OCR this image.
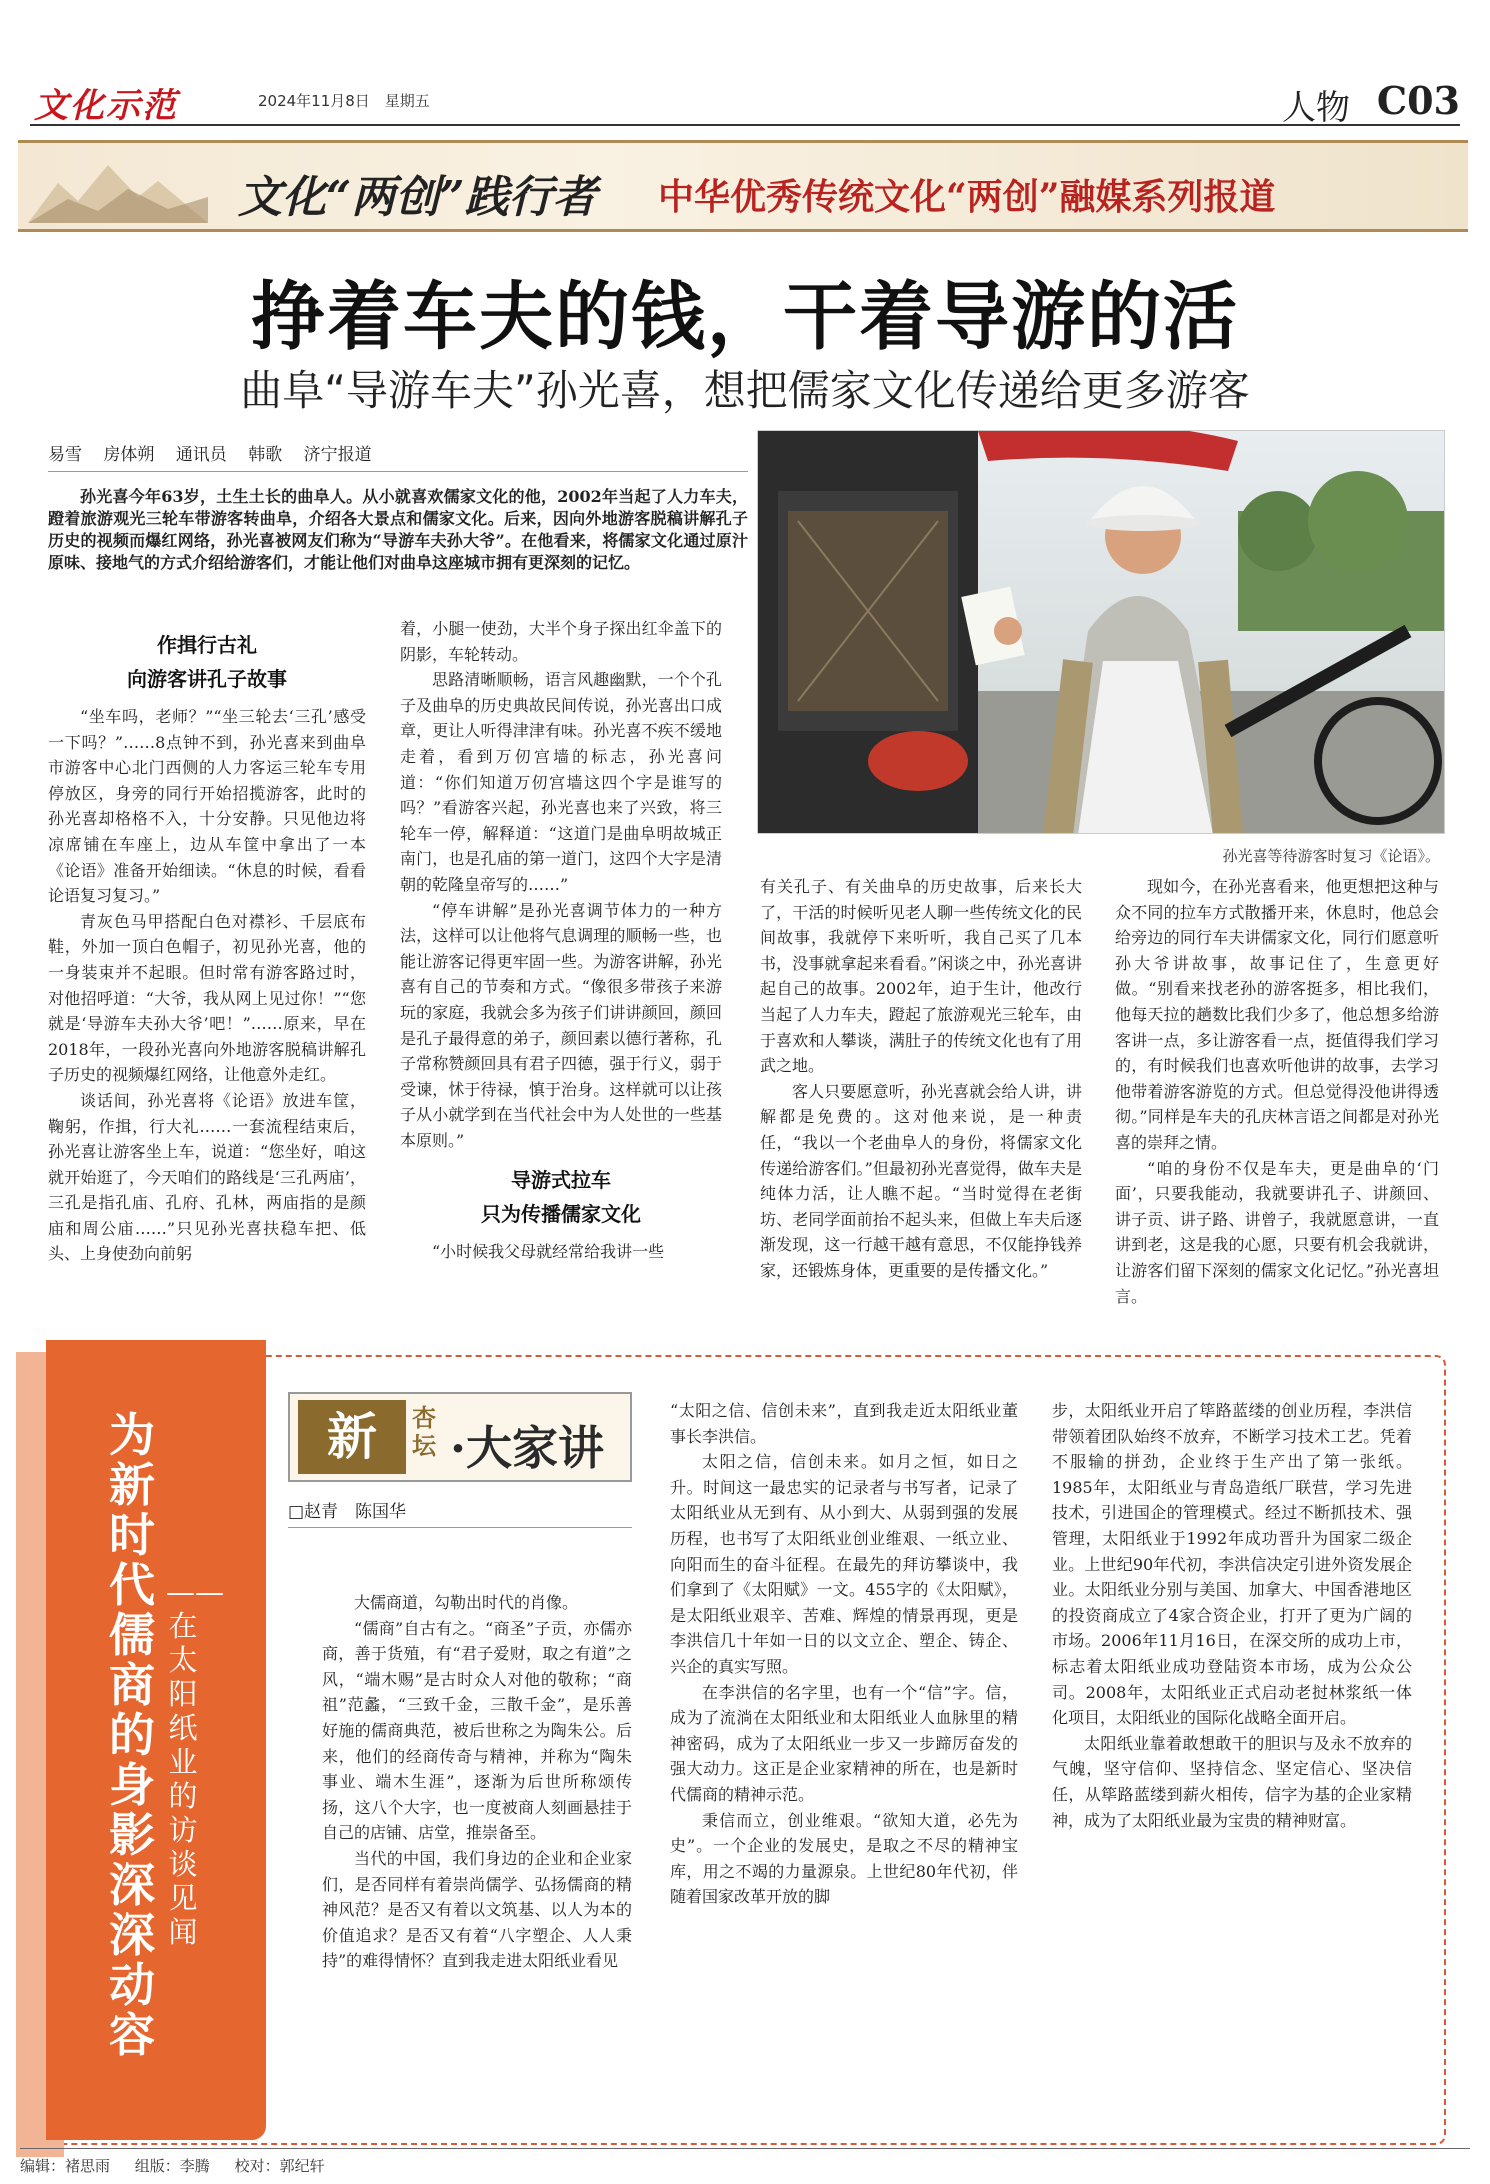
文化示范	2024年11月8日　星期五	人物 C03
文化“两创”践行者 中华优秀传统文化“两创”融媒系列报道
挣着车夫的钱，干着导游的活
曲阜“导游车夫”孙光喜，想把儒家文化传递给更多游客
易雪 房体朔 通讯员 韩歌 济宁报道
孙光喜今年63岁，土生土长的曲阜人。从小就喜欢儒家文化的他，2002年当起了人力车夫，蹬着旅游观光三轮车带游客转曲阜，介绍各大景点和儒家文化。后来，因向外地游客脱稿讲解孔子历史的视频而爆红网络，孙光喜被网友们称为“导游车夫孙大爷”。在他看来，将儒家文化通过原汁原味、接地气的方式介绍给游客们，才能让他们对曲阜这座城市拥有更深刻的记忆。
孙光喜等待游客时复习《论语》。
作揖行古礼
向游客讲孔子故事

“坐车吗，老师？”“坐三轮去‘三孔’感受一下吗？”……8点钟不到，孙光喜来到曲阜市游客中心北门西侧的人力客运三轮车专用停放区，身旁的同行开始招揽游客，此时的孙光喜却格格不入，十分安静。只见他边将凉席铺在车座上，边从车筐中拿出了一本《论语》准备开始细读。“休息的时候，看看论语复习复习。”

青灰色马甲搭配白色对襟衫、千层底布鞋，外加一顶白色帽子，初见孙光喜，他的一身装束并不起眼。但时常有游客路过时，对他招呼道：“大爷，我从网上见过你！”“您就是‘导游车夫孙大爷’吧！”……原来，早在2018年，一段孙光喜向外地游客脱稿讲解孔子历史的视频爆红网络，让他意外走红。

谈话间，孙光喜将《论语》放进车筐，鞠躬，作揖，行大礼……一套流程结束后，孙光喜让游客坐上车，说道：“您坐好，咱这就开始逛了，今天咱们的路线是‘三孔两庙’，三孔是指孔庙、孔府、孔林，两庙指的是颜庙和周公庙……”只见孙光喜扶稳车把、低头、上身使劲向前躬

着，小腿一使劲，大半个身子探出红伞盖下的阴影，车轮转动。

思路清晰顺畅，语言风趣幽默，一个个孔子及曲阜的历史典故民间传说，孙光喜出口成章，更让人听得津津有味。孙光喜不疾不缓地走着，看到万仞宫墙的标志，孙光喜问道：“你们知道万仞宫墙这四个字是谁写的吗？”看游客兴起，孙光喜也来了兴致，将三轮车一停，解释道：“这道门是曲阜明故城正南门，也是孔庙的第一道门，这四个大字是清朝的乾隆皇帝写的……”

“停车讲解”是孙光喜调节体力的一种方法，这样可以让他将气息调理的顺畅一些，也能让游客记得更牢固一些。为游客讲解，孙光喜有自己的节奏和方式。“像很多带孩子来游玩的家庭，我就会多为孩子们讲讲颜回，颜回是孔子最得意的弟子，颜回素以德行著称，孔子常称赞颜回具有君子四德，强于行义，弱于受谏，怵于待禄，慎于治身。这样就可以让孩子从小就学到在当代社会中为人处世的一些基本原则。”

导游式拉车
只为传播儒家文化

“小时候我父母就经常给我讲一些

有关孔子、有关曲阜的历史故事，后来长大了，干活的时候听见老人聊一些传统文化的民间故事，我就停下来听听，我自己买了几本书，没事就拿起来看看。”闲谈之中，孙光喜讲起自己的故事。2002年，迫于生计，他改行当起了人力车夫，蹬起了旅游观光三轮车，由于喜欢和人攀谈，满肚子的传统文化也有了用武之地。

客人只要愿意听，孙光喜就会给人讲，讲解都是免费的。这对他来说，是一种责任，“我以一个老曲阜人的身份，将儒家文化传递给游客们。”但最初孙光喜觉得，做车夫是纯体力活，让人瞧不起。“当时觉得在老街坊、老同学面前抬不起头来，但做上车夫后逐渐发现，这一行越干越有意思，不仅能挣钱养家，还锻炼身体，更重要的是传播文化。”

现如今，在孙光喜看来，他更想把这种与众不同的拉车方式散播开来，休息时，他总会给旁边的同行车夫讲儒家文化，同行们愿意听孙大爷讲故事，故事记住了，生意更好做。“别看来找老孙的游客挺多，相比我们，他每天拉的趟数比我们少多了，他总想多给游客讲一点，多让游客看一点，挺值得我们学习的，有时候我们也喜欢听他讲的故事，去学习他带着游客游览的方式。但总觉得没他讲得透彻。”同样是车夫的孔庆林言语之间都是对孙光喜的崇拜之情。

“咱的身份不仅是车夫，更是曲阜的‘门面’，只要我能动，我就要讲孔子、讲颜回、讲子贡、讲子路、讲曾子，我就愿意讲，一直讲到老，这是我的心愿，只要有机会我就讲，让游客们留下深刻的儒家文化记忆。”孙光喜坦言。

为新时代儒商的身影深深动容
——在太阳纸业的访谈见闻
新	杏坛 ·大家讲
□赵青　陈国华

大儒商道，勾勒出时代的肖像。

“儒商”自古有之。“商圣”子贡，亦儒亦商，善于货殖，有“君子爱财，取之有道”之风，“端木赐”是古时众人对他的敬称；“商祖”范蠡，“三致千金，三散千金”，是乐善好施的儒商典范，被后世称之为陶朱公。后来，他们的经商传奇与精神，并称为“陶朱事业、端木生涯”，逐渐为后世所称颂传扬，这八个大字，也一度被商人刻画悬挂于自己的店铺、店堂，推崇备至。

当代的中国，我们身边的企业和企业家们，是否同样有着崇尚儒学、弘扬儒商的精神风范？是否又有着以文筑基、以人为本的价值追求？是否又有着“八字塑企、人人秉持”的难得情怀？直到我走进太阳纸业看见

“太阳之信、信创未来”，直到我走近太阳纸业董事长李洪信。

太阳之信，信创未来。如月之恒，如日之升。时间这一最忠实的记录者与书写者，记录了太阳纸业从无到有、从小到大、从弱到强的发展历程，也书写了太阳纸业创业维艰、一纸立业、向阳而生的奋斗征程。在最先的拜访攀谈中，我们拿到了《太阳赋》一文。455字的《太阳赋》，是太阳纸业艰辛、苦难、辉煌的情景再现，更是李洪信几十年如一日的以文立企、塑企、铸企、兴企的真实写照。

在李洪信的名字里，也有一个“信”字。信，成为了流淌在太阳纸业和太阳纸业人血脉里的精神密码，成为了太阳纸业一步又一步蹄厉奋发的强大动力。这正是企业家精神的所在，也是新时代儒商的精神示范。

秉信而立，创业维艰。“欲知大道，必先为史”。一个企业的发展史，是取之不尽的精神宝库，用之不竭的力量源泉。上世纪80年代初，伴随着国家改革开放的脚

步，太阳纸业开启了筚路蓝缕的创业历程，李洪信带领着团队始终不放弃，不断学习技术工艺。凭着不服输的拼劲，企业终于生产出了第一张纸。1985年，太阳纸业与青岛造纸厂联营，学习先进技术，引进国企的管理模式。经过不断抓技术、强管理，太阳纸业于1992年成功晋升为国家二级企业。上世纪90年代初，李洪信决定引进外资发展企业。太阳纸业分别与美国、加拿大、中国香港地区的投资商成立了4家合资企业，打开了更为广阔的市场。2006年11月16日，在深交所的成功上市，标志着太阳纸业成功登陆资本市场，成为公众公司。2008年，太阳纸业正式启动老挝林浆纸一体化项目，太阳纸业的国际化战略全面开启。

太阳纸业靠着敢想敢干的胆识与及永不放弃的气魄，坚守信仰、坚持信念、坚定信心、坚决信任，从筚路蓝缕到薪火相传，信字为基的企业家精神，成为了太阳纸业最为宝贵的精神财富。

编辑：褚思雨 组版：李腾 校对：郭纪轩
